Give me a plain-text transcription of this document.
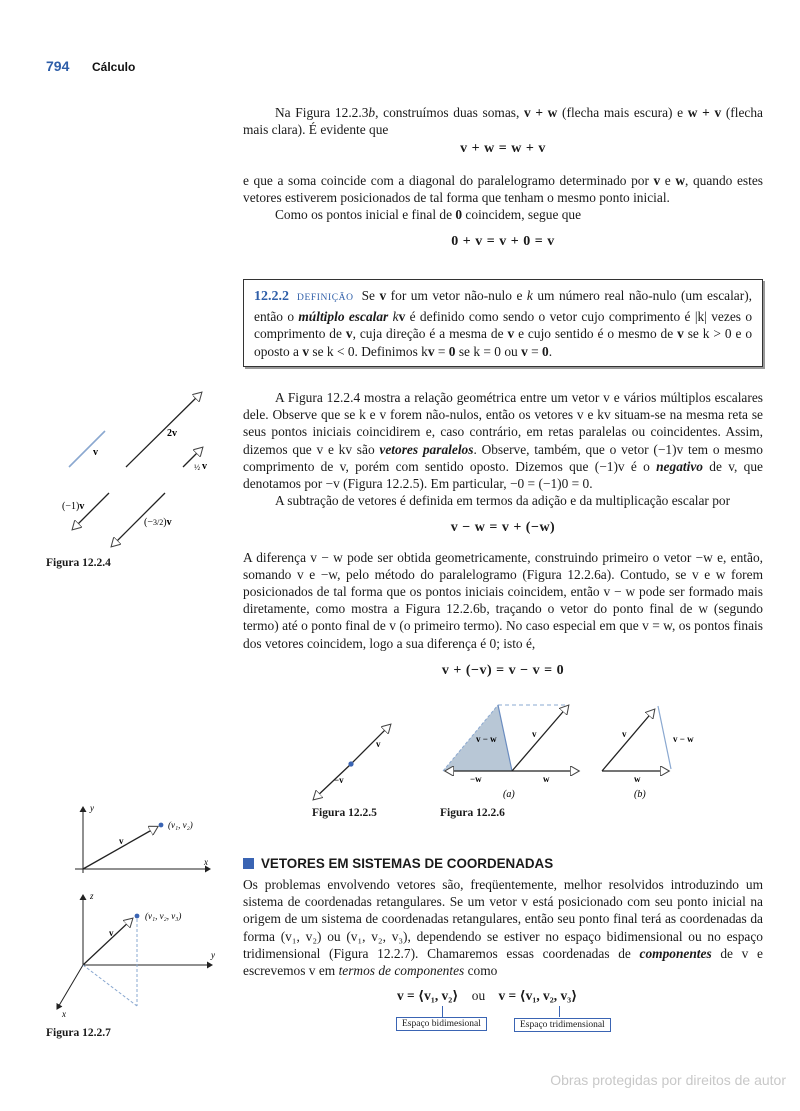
794	Cálculo

Na Figura 12.2.3b, construímos duas somas, v + w (flecha mais escura) e w + v (flecha mais clara). É evidente que

v + w = w + v

e que a soma coincide com a diagonal do paralelogramo determinado por v e w, quando estes vetores estiverem posicionados de tal forma que tenham o mesmo ponto inicial.

Como os pontos inicial e final de 0 coincidem, segue que

0 + v = v + 0 = v
12.2.2 DEFINIÇÃO Se v for um vetor não-nulo e k um número real não-nulo (um escalar), então o múltiplo escalar kv é definido como sendo o vetor cujo comprimento é |k| vezes o comprimento de v, cuja direção é a mesma de v e cujo sentido é o mesmo de v se k > 0 e o oposto a v se k < 0. Definimos kv = 0 se k = 0 ou v = 0.

A Figura 12.2.4 mostra a relação geométrica entre um vetor v e vários múltiplos escalares dele. Observe que se k e v forem não-nulos, então os vetores v e kv situam-se na mesma reta se seus pontos iniciais coincidirem e, caso contrário, em retas paralelas ou coincidentes. Assim, dizemos que v e kv são vetores paralelos. Observe, também, que o vetor (−1)v tem o mesmo comprimento de v, porém com sentido oposto. Dizemos que (−1)v é o negativo de v, que denotamos por −v (Figura 12.2.5). Em particular, −0 = (−1)0 = 0.

A subtração de vetores é definida em termos da adição e da multiplicação escalar por

v − w = v + (−w)

A diferença v − w pode ser obtida geometricamente, construindo primeiro o vetor −w e, então, somando v e −w, pelo método do paralelogramo (Figura 12.2.6a). Contudo, se v e w forem posicionados de tal forma que os pontos iniciais coincidem, então v − w pode ser formado mais diretamente, como mostra a Figura 12.2.6b, traçando o vetor do ponto final de w (segundo termo) até o ponto final de v (o primeiro termo). No caso especial em que v = w, os pontos finais dos vetores coincidem, logo a sua diferença é 0; isto é,

v + (−v) = v − v = 0
v
2v
½ v
(−1)v
(−3/2)v
Figura 12.2.4
v
−v
v − w	v
−w	w
(a)
v	v − w
w
(b)
Figura 12.2.5	Figura 12.2.6
y
x
v
(v₁, v₂)
z
y
x
v
(v₁, v₂, v₃)
Figura 12.2.7
VETORES EM SISTEMAS DE COORDENADAS

Os problemas envolvendo vetores são, freqüentemente, melhor resolvidos introduzindo um sistema de coordenadas retangulares. Se um vetor v está posicionado com seu ponto inicial na origem de um sistema de coordenadas retangulares, então seu ponto final terá as coordenadas da forma (v₁, v₂) ou (v₁, v₂, v₃), dependendo se estiver no espaço bidimensional ou no espaço tridimensional (Figura 12.2.7). Chamaremos essas coordenadas de componentes de v e escrevemos v em termos de componentes como

v = ⟨v₁, v₂⟩ ou v = ⟨v₁, v₂, v₃⟩
Espaço bidimesional	Espaço tridimensional
Obras protegidas por direitos de autor
